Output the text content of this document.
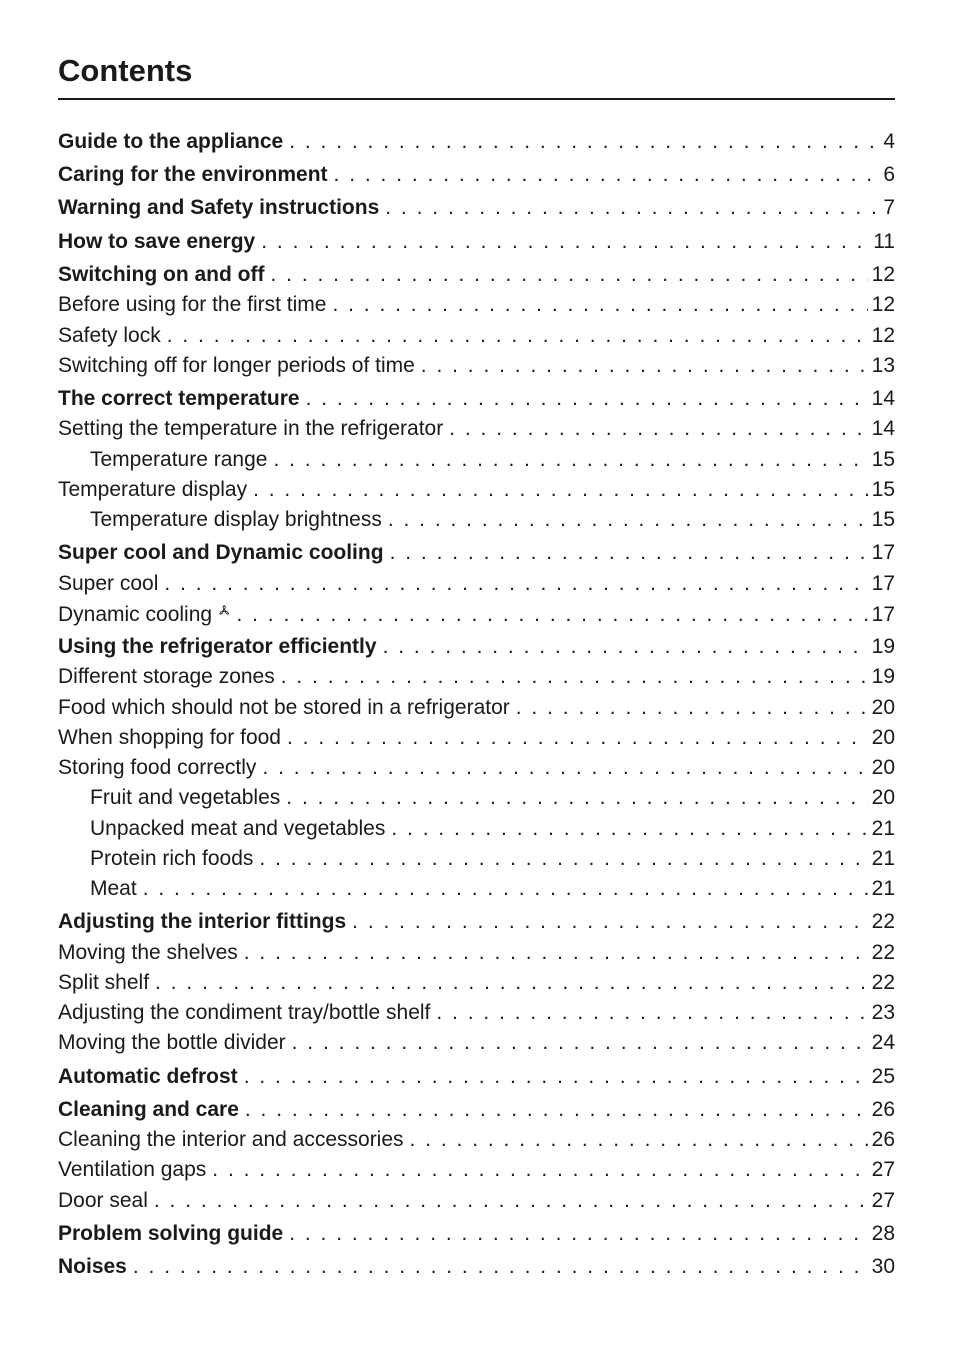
Contents
Guide to the appliance . . .	4
Caring for the environment . . .	6
Warning and Safety instructions . . .	7
How to save energy . . .	11
Switching on and off . . .	12
Before using for the first time . . .	12
Safety lock . . .	12
Switching off for longer periods of time . . .	13
The correct temperature . . .	14
Setting the temperature in the refrigerator . . .	14
Temperature range . . .	15
Temperature display . . .	15
Temperature display brightness . . .	15
Super cool and Dynamic cooling . . .	17
Super cool . . .	17
Dynamic cooling . . .	17
Using the refrigerator efficiently . . .	19
Different storage zones . . .	19
Food which should not be stored in a refrigerator . . .	20
When shopping for food . . .	20
Storing food correctly . . .	20
Fruit and vegetables . . .	20
Unpacked meat and vegetables . . .	21
Protein rich foods . . .	21
Meat . . .	21
Adjusting the interior fittings . . .	22
Moving the shelves . . .	22
Split shelf . . .	22
Adjusting the condiment tray/bottle shelf . . .	23
Moving the bottle divider . . .	24
Automatic defrost . . .	25
Cleaning and care . . .	26
Cleaning the interior and accessories . . .	26
Ventilation gaps . . .	27
Door seal . . .	27
Problem solving guide . . .	28
Noises . . .	30
